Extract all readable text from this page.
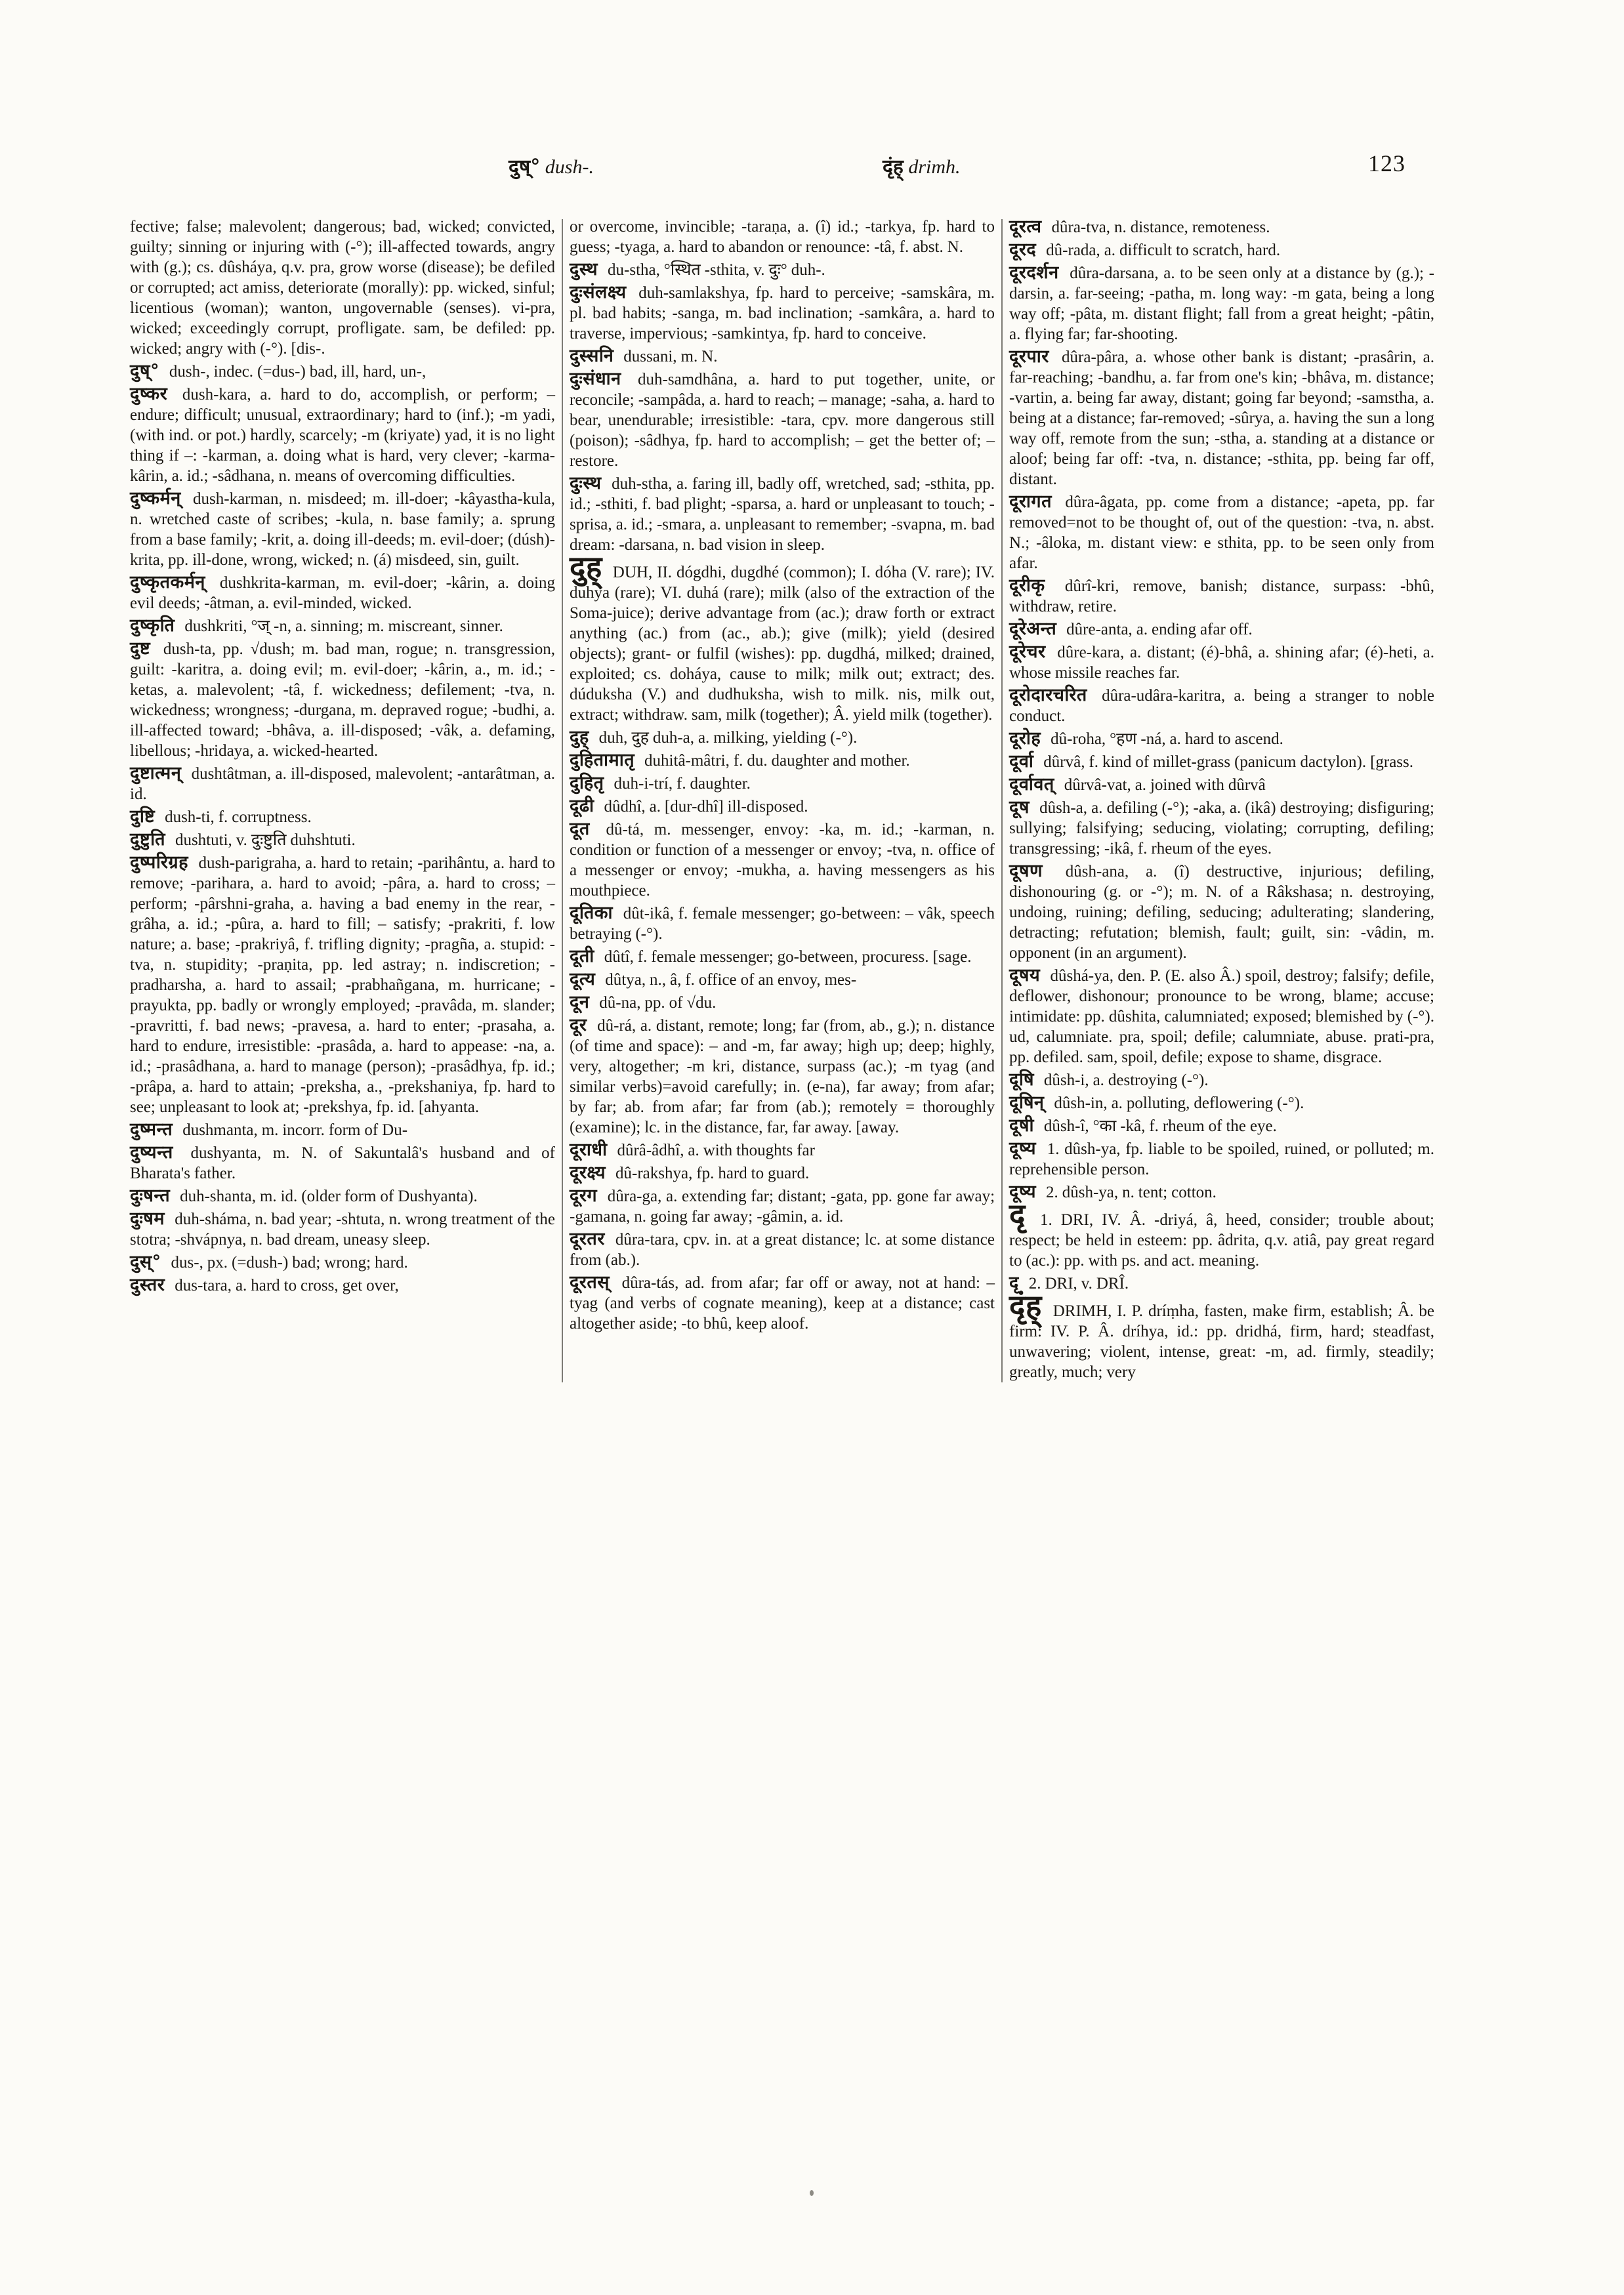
दुष्° dush-.	दृंह् drimh.	123

fective; false; malevolent; dangerous; bad, wicked; convicted, guilty; sinning or injuring with (-°); ill-affected towards, angry with (g.); cs. dûsháya, q.v. pra, grow worse (disease); be defiled or corrupted; act amiss, deteriorate (morally): pp. wicked, sinful; licentious (woman); wanton, ungovernable (senses). vi-pra, wicked; exceedingly corrupt, profligate. sam, be defiled: pp. wicked; angry with (-°). [dis-.

दुष्° dush-, indec. (=dus-) bad, ill, hard, un-,

दुष्कर dush-kara, a. hard to do, accomplish, or perform; – endure; difficult; unusual, extraordinary; hard to (inf.); -m yadi, (with ind. or pot.) hardly, scarcely; -m (kriyate) yad, it is no light thing if –: -karman, a. doing what is hard, very clever; -karma-kârin, a. id.; -sâdhana, n. means of overcoming difficulties.

दुष्कर्मन् dush-karman, n. misdeed; m. ill-doer; -kâyastha-kula, n. wretched caste of scribes; -kula, n. base family; a. sprung from a base family; -krit, a. doing ill-deeds; m. evil-doer; (dúsh)-krita, pp. ill-done, wrong, wicked; n. (á) misdeed, sin, guilt.

दुष्कृतकर्मन् dushkrita-karman, m. evil-doer; -kârin, a. doing evil deeds; -âtman, a. evil-minded, wicked.

दुष्कृति dushkriti, °ज् -n, a. sinning; m. miscreant, sinner.

दुष्ट dush-ta, pp. √dush; m. bad man, rogue; n. transgression, guilt: -karitra, a. doing evil; m. evil-doer; -kârin, a., m. id.; -ketas, a. malevolent; -tâ, f. wickedness; defilement; -tva, n. wickedness; wrongness; -durgana, m. depraved rogue; -budhi, a. ill-affected toward; -bhâva, a. ill-disposed; -vâk, a. defaming, libellous; -hridaya, a. wicked-hearted.

दुष्टात्मन् dushtâtman, a. ill-disposed, malevolent; -antarâtman, a. id.

दुष्टि dush-ti, f. corruptness.

दुष्टुति dushtuti, v. दुःष्टुति duhshtuti.

दुष्परिग्रह dush-parigraha, a. hard to retain; -parihântu, a. hard to remove; -parihara, a. hard to avoid; -pâra, a. hard to cross; – perform; -pârshni-graha, a. having a bad enemy in the rear, -grâha, a. id.; -pûra, a. hard to fill; – satisfy; -prakriti, f. low nature; a. base; -prakriyâ, f. trifling dignity; -pragña, a. stupid: -tva, n. stupidity; -praṇita, pp. led astray; n. indiscretion; -pradharsha, a. hard to assail; -prabhañgana, m. hurricane; -prayukta, pp. badly or wrongly employed; -pravâda, m. slander; -pravritti, f. bad news; -pravesa, a. hard to enter; -prasaha, a. hard to endure, irresistible: -prasâda, a. hard to appease: -na, a. id.; -prasâdhana, a. hard to manage (person); -prasâdhya, fp. id.; -prâpa, a. hard to attain; -preksha, a., -prekshaniya, fp. hard to see; unpleasant to look at; -prekshya, fp. id. [ahyanta.

दुष्मन्त dushmanta, m. incorr. form of Du-

दुष्यन्त dushyanta, m. N. of Sakuntalâ's husband and of Bharata's father.

दुःषन्त duh-shanta, m. id. (older form of Dushyanta).

दुःषम duh-sháma, n. bad year; -shtuta, n. wrong treatment of the stotra; -shvápnya, n. bad dream, uneasy sleep.

दुस्° dus-, px. (=dush-) bad; wrong; hard.

दुस्तर dus-tara, a. hard to cross, get over,

or overcome, invincible; -taraṇa, a. (î) id.; -tarkya, fp. hard to guess; -tyaga, a. hard to abandon or renounce: -tâ, f. abst. N.

दुस्थ du-stha, °स्थित -sthita, v. दुः° duh-.

दुःसंलक्ष्य duh-samlakshya, fp. hard to perceive; -samskâra, m. pl. bad habits; -sanga, m. bad inclination; -samkâra, a. hard to traverse, impervious; -samkintya, fp. hard to conceive.

दुस्सनि dussani, m. N.

दुःसंधान duh-samdhâna, a. hard to put together, unite, or reconcile; -sampâda, a. hard to reach; – manage; -saha, a. hard to bear, unendurable; irresistible: -tara, cpv. more dangerous still (poison); -sâdhya, fp. hard to accomplish; – get the better of; – restore.

दुःस्थ duh-stha, a. faring ill, badly off, wretched, sad; -sthita, pp. id.; -sthiti, f. bad plight; -sparsa, a. hard or unpleasant to touch; -sprisa, a. id.; -smara, a. unpleasant to remember; -svapna, m. bad dream: -darsana, n. bad vision in sleep.

दुह् DUH, II. dógdhi, dugdhé (common); I. dóha (V. rare); IV. duhya (rare); VI. duhá (rare); milk (also of the extraction of the Soma-juice); derive advantage from (ac.); draw forth or extract anything (ac.) from (ac., ab.); give (milk); yield (desired objects); grant- or fulfil (wishes): pp. dugdhá, milked; drained, exploited; cs. doháya, cause to milk; milk out; extract; des. dúduksha (V.) and dudhuksha, wish to milk. nis, milk out, extract; withdraw. sam, milk (together); Â. yield milk (together).

दुह् duh, दुह duh-a, a. milking, yielding (-°).

दुहितामातृ duhitâ-mâtri, f. du. daughter and mother.

दुहितृ duh-i-trí, f. daughter.

दूढी dûdhî, a. [dur-dhî] ill-disposed.

दूत dû-tá, m. messenger, envoy: -ka, m. id.; -karman, n. condition or function of a messenger or envoy; -tva, n. office of a messenger or envoy; -mukha, a. having messengers as his mouthpiece.

दूतिका dût-ikâ, f. female messenger; go-between: – vâk, speech betraying (-°).

दूती dûtî, f. female messenger; go-between, procuress. [sage.

दूत्य dûtya, n., â, f. office of an envoy, mes-

दून dû-na, pp. of √du.

दूर dû-rá, a. distant, remote; long; far (from, ab., g.); n. distance (of time and space): – and -m, far away; high up; deep; highly, very, altogether; -m kri, distance, surpass (ac.); -m tyag (and similar verbs)=avoid carefully; in. (e-na), far away; from afar; by far; ab. from afar; far from (ab.); remotely = thoroughly (examine); lc. in the distance, far, far away. [away.

दूराधी dûrâ-âdhî, a. with thoughts far

दूरक्ष्य dû-rakshya, fp. hard to guard.

दूरग dûra-ga, a. extending far; distant; -gata, pp. gone far away; -gamana, n. going far away; -gâmin, a. id.

दूरतर dûra-tara, cpv. in. at a great distance; lc. at some distance from (ab.).

दूरतस् dûra-tás, ad. from afar; far off or away, not at hand: – tyag (and verbs of cognate meaning), keep at a distance; cast altogether aside; -to bhû, keep aloof.

दूरत्व dûra-tva, n. distance, remoteness.

दूरद dû-rada, a. difficult to scratch, hard.

दूरदर्शन dûra-darsana, a. to be seen only at a distance by (g.); -darsin, a. far-seeing; -patha, m. long way: -m gata, being a long way off; -pâta, m. distant flight; fall from a great height; -pâtin, a. flying far; far-shooting.

दूरपार dûra-pâra, a. whose other bank is distant; -prasârin, a. far-reaching; -bandhu, a. far from one's kin; -bhâva, m. distance; -vartin, a. being far away, distant; going far beyond; -samstha, a. being at a distance; far-removed; -sûrya, a. having the sun a long way off, remote from the sun; -stha, a. standing at a distance or aloof; being far off: -tva, n. distance; -sthita, pp. being far off, distant.

दूरागत dûra-âgata, pp. come from a distance; -apeta, pp. far removed=not to be thought of, out of the question: -tva, n. abst. N.; -âloka, m. distant view: e sthita, pp. to be seen only from afar.

दूरीकृ dûrî-kri, remove, banish; distance, surpass: -bhû, withdraw, retire.

दूरेअन्त dûre-anta, a. ending afar off.

दूरेचर dûre-kara, a. distant; (é)-bhâ, a. shining afar; (é)-heti, a. whose missile reaches far.

दूरोदारचरित dûra-udâra-karitra, a. being a stranger to noble conduct.

दूरोह dû-roha, °हण -ná, a. hard to ascend.

दूर्वा dûrvâ, f. kind of millet-grass (panicum dactylon). [grass.

दूर्वावत् dûrvâ-vat, a. joined with dûrvâ

दूष dûsh-a, a. defiling (-°); -aka, a. (ikâ) destroying; disfiguring; sullying; falsifying; seducing, violating; corrupting, defiling; transgressing; -ikâ, f. rheum of the eyes.

दूषण dûsh-ana, a. (î) destructive, injurious; defiling, dishonouring (g. or -°); m. N. of a Râkshasa; n. destroying, undoing, ruining; defiling, seducing; adulterating; slandering, detracting; refutation; blemish, fault; guilt, sin: -vâdin, m. opponent (in an argument).

दूषय dûshá-ya, den. P. (E. also Â.) spoil, destroy; falsify; defile, deflower, dishonour; pronounce to be wrong, blame; accuse; intimidate: pp. dûshita, calumniated; exposed; blemished by (-°). ud, calumniate. pra, spoil; defile; calumniate, abuse. prati-pra, pp. defiled. sam, spoil, defile; expose to shame, disgrace.

दूषि dûsh-i, a. destroying (-°).

दूषिन् dûsh-in, a. polluting, deflowering (-°).

दूषी dûsh-î, °का -kâ, f. rheum of the eye.

दूष्य 1. dûsh-ya, fp. liable to be spoiled, ruined, or polluted; m. reprehensible person.

दूष्य 2. dûsh-ya, n. tent; cotton.

दृ 1. DRI, IV. Â. -driyá, â, heed, consider; trouble about; respect; be held in esteem: pp. âdrita, q.v. atiâ, pay great regard to (ac.): pp. with ps. and act. meaning.

दृ 2. DRI, v. DRÎ.

दृंह् DRIMH, I. P. dríṃha, fasten, make firm, establish; Â. be firm: IV. P. Â. dríhya, id.: pp. dridhá, firm, hard; steadfast, unwavering; violent, intense, great: -m, ad. firmly, steadily; greatly, much; very
